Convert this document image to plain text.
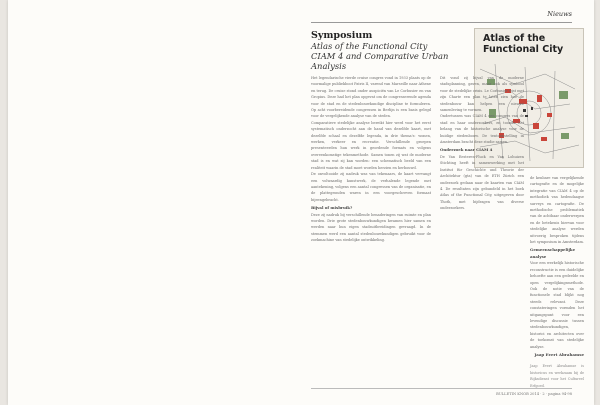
Nieuws

Symposium

Atlas of the Functional City

CIAM 4 and Comparative Urban Analysis

Atlas of the Functional City

Het legendarische vierde cruise congres vond in 1933 plaats op de voormalige publiekboot Patris II, varend van Marseille naar Athene en terug. De cruise stond onder auspiciën van Le Corbusier en van Gropius. Deze had het plan opgevat om de congresserende agenda voor de stad en de stedenbouwkundige discipline te formuleren. Op acht voorbereidende congressen in Berlijn is een basis gelegd voor de vergelijkende analyse van de steden.

Comparatieve stedelijke analyse bereikt hier werd voor het eerst systematisch onderzocht aan de hand van dezelfde kaart, met dezelfde schaal en dezelfde legenda, in drie thema's: wonen, werken, verkeer en recreatie. Verschillende groepen presenteerden hun werk in geordende formats en volgens overeenkomstige tekenmethode. Samen tonen zij wat de moderne stad is en wat zij kan worden: een schematisch beeld van een realiteit waarin de stad moet worden herzien en herbouwd.

De onvoltooide zij nadruk was van tekenaars, de kaart vervangt een volwaardig kunstwerk, de verhalende legende met aantekening, volgens een aantal congressen van de organisatie, en de plattegronden waren in een voorgeschreven formaat bijeengebracht.

Bijval of misbruik?

Deze zij nadruk bij verschillende benaderingen van ruimte en plan worden. Drie grote stedenbouwkundigen kwamen hier samen en werden naar hun eigen stadsuitbreidingen gevraagd. In de stemmen werd een aantal stedenbouwkundigen gebruikt voor de zoekmachine van stedelijke ontwikkeling.

Dit vond zij bijval van de moderne stadsplanning, gaven, maar ook als symbool voor de stedelijke crisis. Le Corbusier wist met zijn Charte een plan te laten zien hoe de stedenbouw kan helpen een nieuwe samenleving te vormen.

Ondertussen was CIAM 4 een congres van de stad en haar onderzoekers, en toonde het belang van de historische analyse voor de huidige stedenbouw. De tentoonstelling in Amsterdam bracht deze studie samen.

Onderzoek naar CIAM 4

De Van Eesteren-Fluck en Van Lohuizen Stichting heeft in samenwerking met het Institut für Geschichte und Theorie der Architektur (gta) van de ETH Zürich een onderzoek gedaan naar de kaarten van CIAM 4. De resultaten zijn gebundeld in het boek Atlas of the Functional City, uitgegeven door Thoth, met bijdragen van diverse onderzoekers.

de kenbare van vergelijkende cartografie en de mogelijke integratie van CIAM 4 op de methodiek van hedendaagse surveys en cartografie. De methodische problematiek van de achtbaar onderwerpen en de betekenis hiervan voor stedelijke analyse werden uitvoerig besproken tijdens het symposium in Amsterdam.

Gemeenschappelijke analyse

Voor een werkelijk historische reconstructie is een duidelijke behoefte aan een gedeelde en open vergelijkingsmethode. Ook de notie van de functionele stad blijkt nog steeds relevant. Deze constateringen vormden het uitgangspunt voor een levendige discussie tussen stedenbouwkundigen, historici en architecten over de toekomst van stedelijke analyse.

Jaap Evert Abrahamse

Jaap Evert Abrahamse is historicus en werkzaam bij de Rijksdienst voor het Cultureel Erfgoed.

BULLETIN KNOB 2014 · 2 · pagina 94-98
